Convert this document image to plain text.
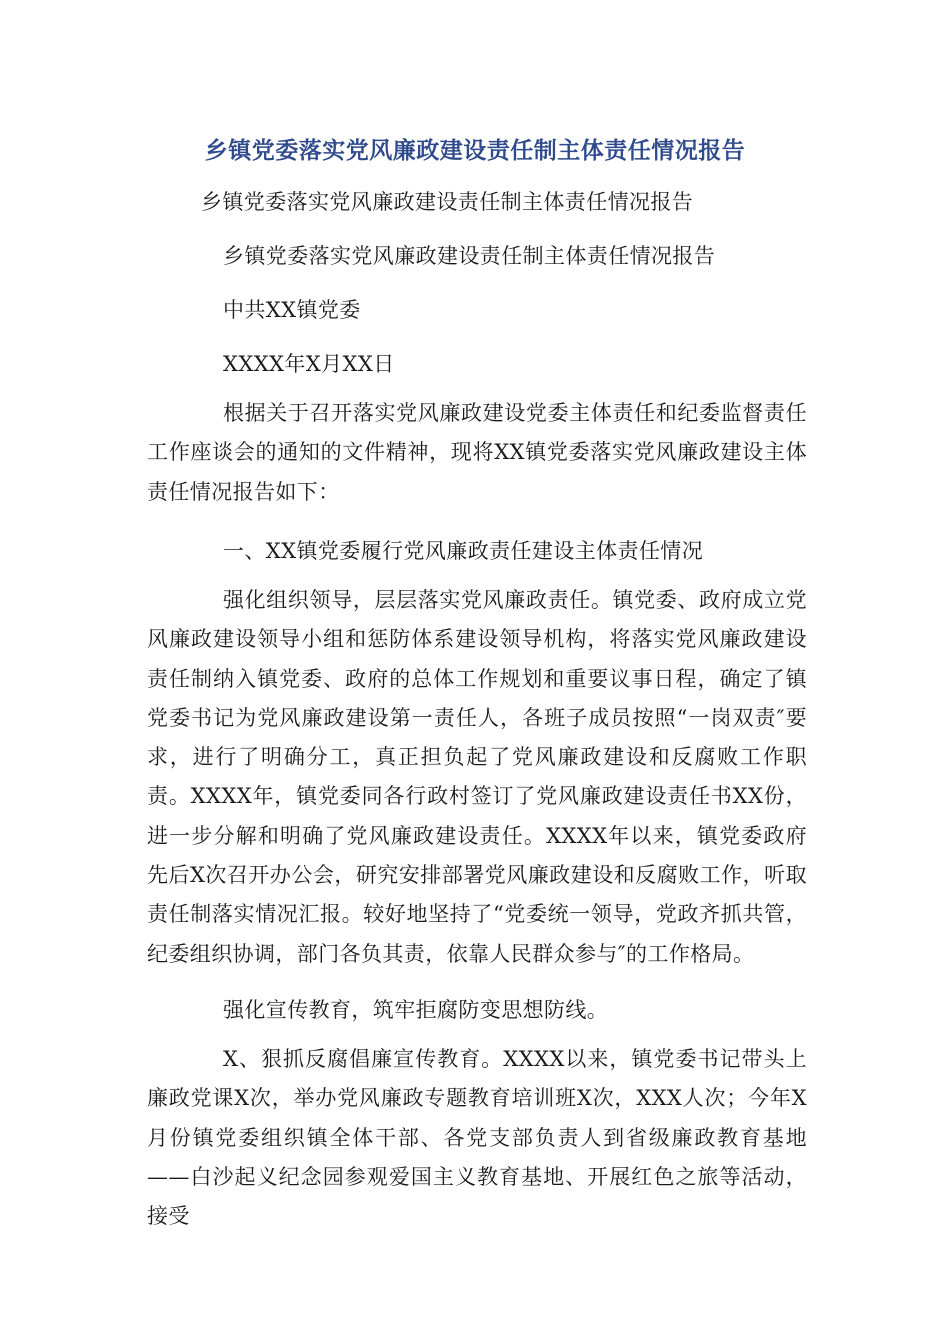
乡镇党委落实党风廉政建设责任制主体责任情况报告
乡镇党委落实党风廉政建设责任制主体责任情况报告
乡镇党委落实党风廉政建设责任制主体责任情况报告
中共XX镇党委
XXXX年X月XX日
根据关于召开落实党风廉政建设党委主体责任和纪委监督责任工作座谈会的通知的文件精神，现将XX镇党委落实党风廉政建设主体责任情况报告如下：
一、XX镇党委履行党风廉政责任建设主体责任情况
强化组织领导，层层落实党风廉政责任。镇党委、政府成立党风廉政建设领导小组和惩防体系建设领导机构，将落实党风廉政建设责任制纳入镇党委、政府的总体工作规划和重要议事日程，确定了镇党委书记为党风廉政建设第一责任人，各班子成员按照“一岗双责″要求，进行了明确分工，真正担负起了党风廉政建设和反腐败工作职责。XXXX年，镇党委同各行政村签订了党风廉政建设责任书XX份，进一步分解和明确了党风廉政建设责任。XXXX年以来，镇党委政府先后X次召开办公会，研究安排部署党风廉政建设和反腐败工作，听取责任制落实情况汇报。较好地坚持了“党委统一领导，党政齐抓共管，纪委组织协调，部门各负其责，依靠人民群众参与″的工作格局。
强化宣传教育，筑牢拒腐防变思想防线。
X、狠抓反腐倡廉宣传教育。XXXX以来，镇党委书记带头上廉政党课X次，举办党风廉政专题教育培训班X次，XXX人次；今年X月份镇党委组织镇全体干部、各党支部负责人到省级廉政教育基地——白沙起义纪念园参观爱国主义教育基地、开展红色之旅等活动，接受
